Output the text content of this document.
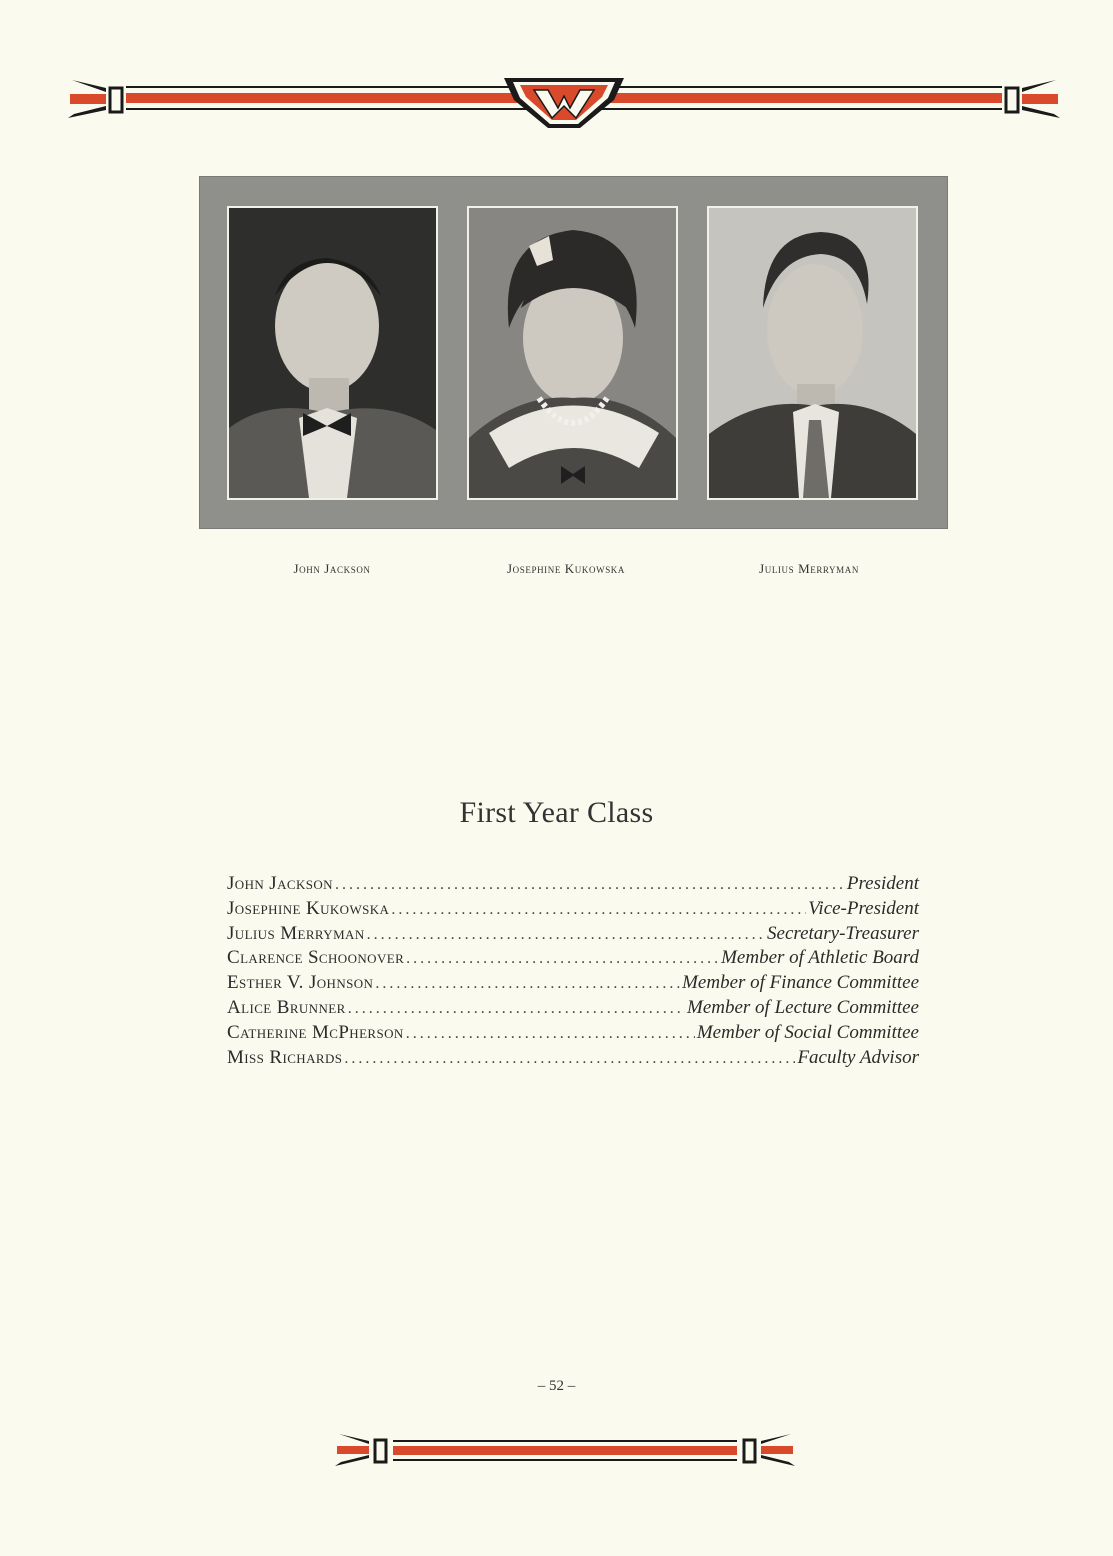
John Jackson	Josephine Kukowska	Julius Merryman
First Year Class
John Jackson .....	President
Josephine Kukowska .....	Vice-President
Julius Merryman .....	Secretary-Treasurer
Clarence Schoonover .....	Member of Athletic Board
Esther V. Johnson .....	Member of Finance Committee
Alice Brunner .....	Member of Lecture Committee
Catherine McPherson .....	Member of Social Committee
Miss Richards .....	Faculty Advisor
– 52 –
